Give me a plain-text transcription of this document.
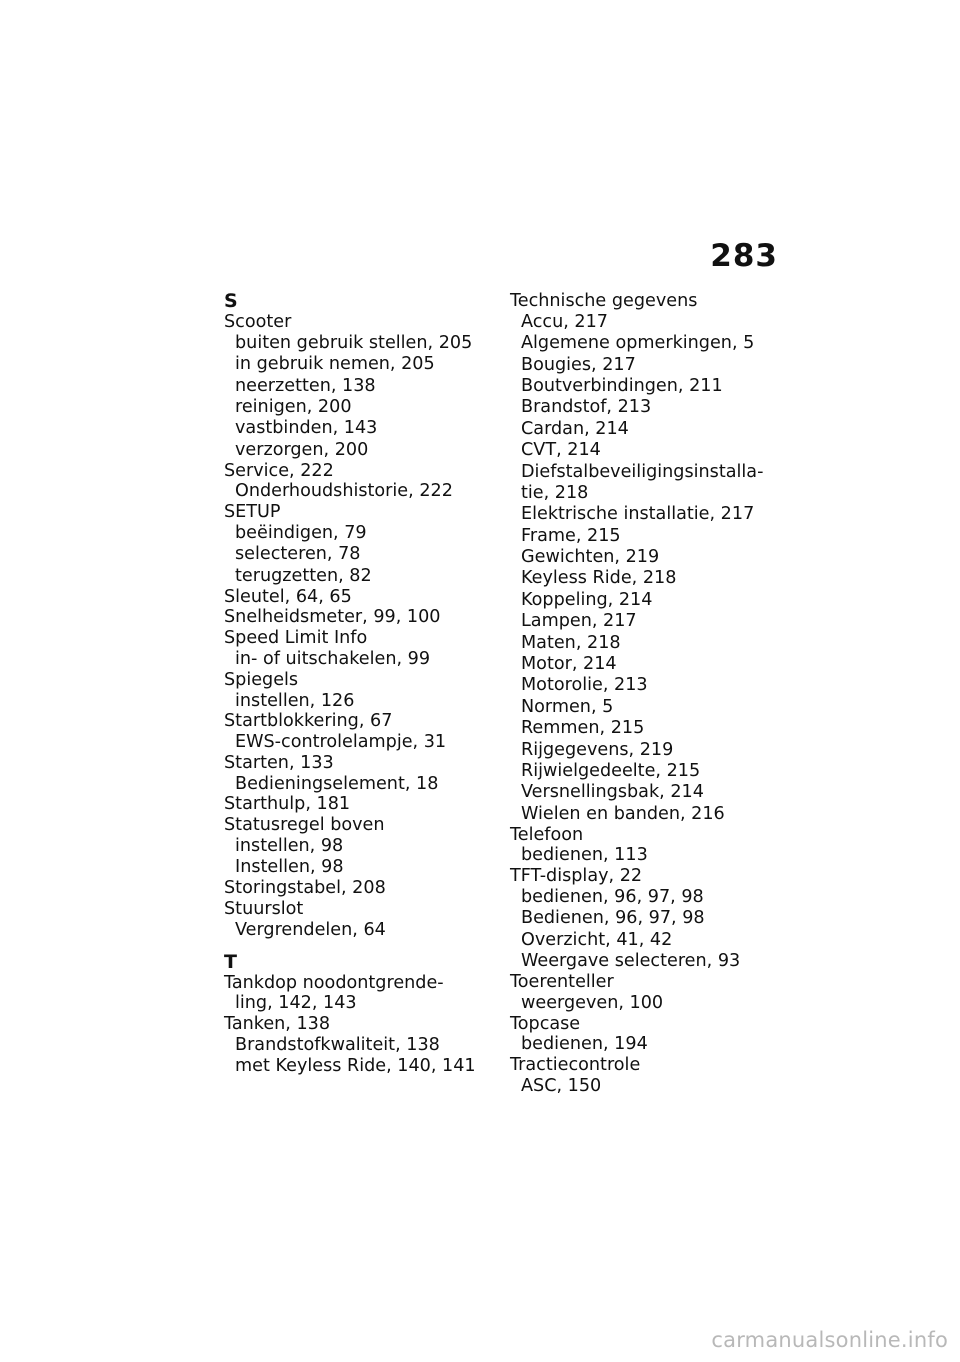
283
S
Scooter
buiten gebruik stellen, 205
in gebruik nemen, 205
neerzetten, 138
reinigen, 200
vastbinden, 143
verzorgen, 200
Service, 222
Onderhoudshistorie, 222
SETUP
beëindigen, 79
selecteren, 78
terugzetten, 82
Sleutel, 64, 65
Snelheidsmeter, 99, 100
Speed Limit Info
in- of uitschakelen, 99
Spiegels
instellen, 126
Startblokkering, 67
EWS-controlelampje, 31
Starten, 133
Bedieningselement, 18
Starthulp, 181
Statusregel boven
instellen, 98
Instellen, 98
Storingstabel, 208
Stuurslot
Vergrendelen, 64
T
Tankdop noodontgrende-
ling, 142, 143
Tanken, 138
Brandstofkwaliteit, 138
met Keyless Ride, 140, 141
Technische gegevens
Accu, 217
Algemene opmerkingen, 5
Bougies, 217
Boutverbindingen, 211
Brandstof, 213
Cardan, 214
CVT, 214
Diefstalbeveiligingsinstalla-
tie, 218
Elektrische installatie, 217
Frame, 215
Gewichten, 219
Keyless Ride, 218
Koppeling, 214
Lampen, 217
Maten, 218
Motor, 214
Motorolie, 213
Normen, 5
Remmen, 215
Rijgegevens, 219
Rijwielgedeelte, 215
Versnellingsbak, 214
Wielen en banden, 216
Telefoon
bedienen, 113
TFT-display, 22
bedienen, 96, 97, 98
Bedienen, 96, 97, 98
Overzicht, 41, 42
Weergave selecteren, 93
Toerenteller
weergeven, 100
Topcase
bedienen, 194
Tractiecontrole
ASC, 150
carmanualsonline.info
